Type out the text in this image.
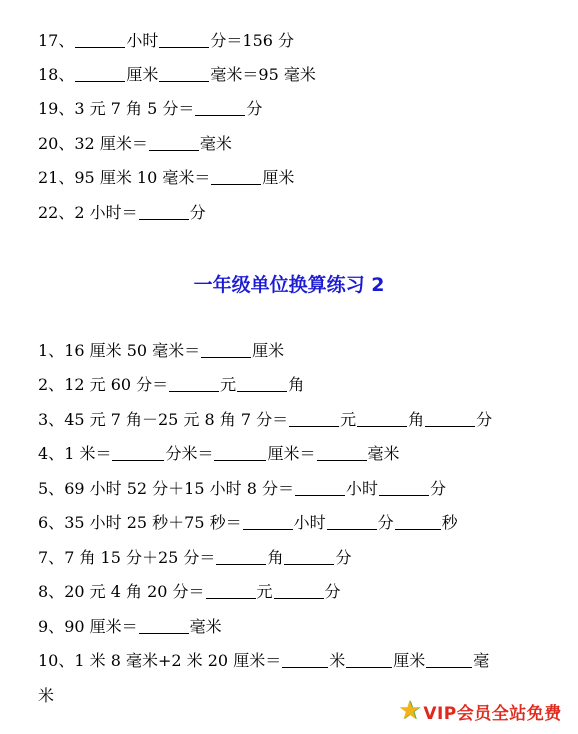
17、	小时	分＝156 分
18、	厘米	毫米＝95 毫米
19、3 元 7 角 5 分＝	分
20、32 厘米＝	毫米
21、95 厘米 10 毫米＝	厘米
22、2 小时＝	分
一年级单位换算练习 2
1、16 厘米 50 毫米＝	厘米
2、12 元 60 分＝	元	角
3、45 元 7 角－25 元 8 角 7 分＝	元	角	分
4、1 米＝	分米＝	厘米＝	毫米
5、69 小时 52 分＋15 小时 8 分＝	小时	分
6、35 小时 25 秒＋75 秒＝	小时	分	秒
7、7 角 15 分＋25 分＝	角	分
8、20 元 4 角 20 分＝	元	分
9、90 厘米＝	毫米
10、1 米 8 毫米+2 米 20 厘米＝	米	厘米	毫
米
★ VIP会员全站免费
